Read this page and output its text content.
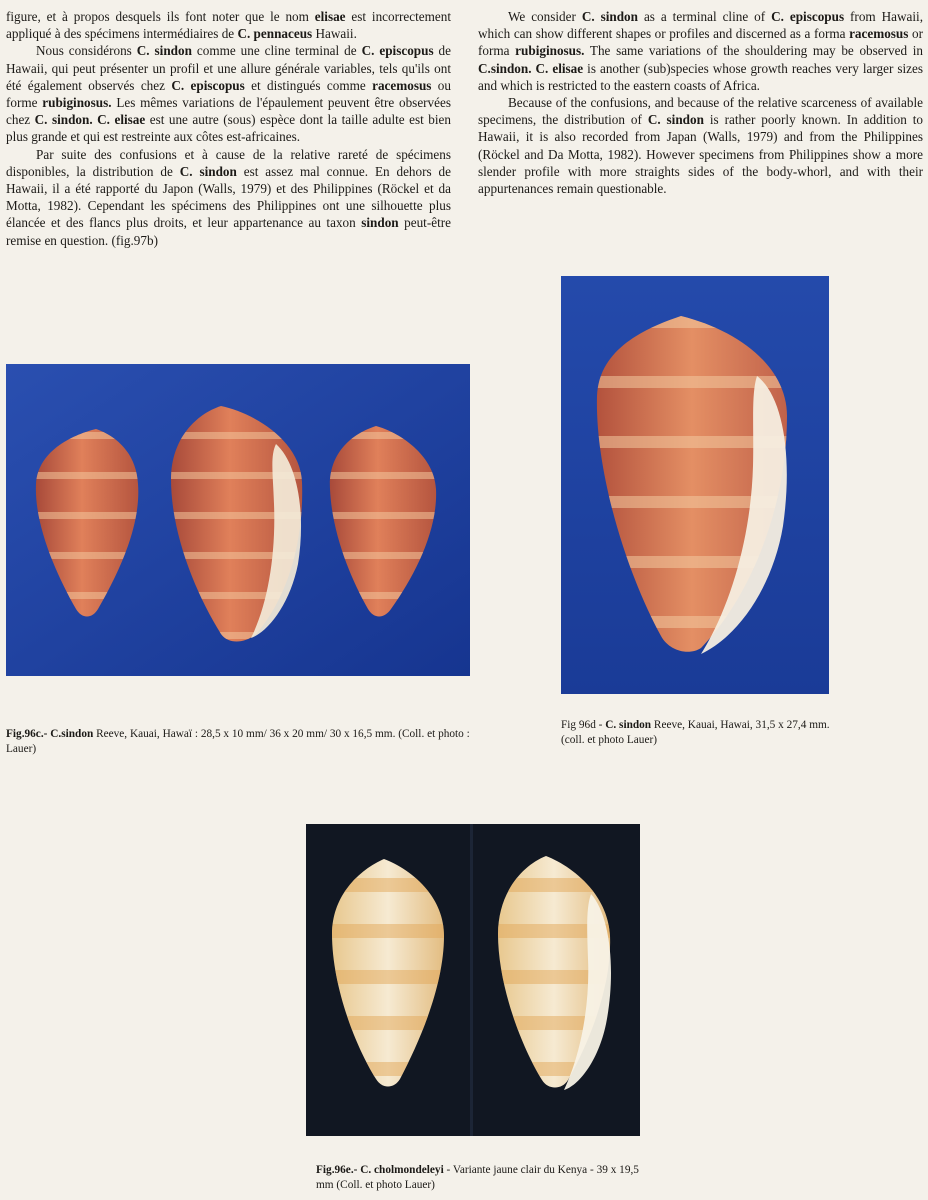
figure, et à propos desquels ils font noter que le nom elisae est incorrectement appliqué à des spécimens intermédiaires de C. pennaceus Hawaii.

Nous considérons C. sindon comme une cline terminal de C. episcopus de Hawaii, qui peut présenter un profil et une allure générale variables, tels qu'ils ont été également observés chez C. episcopus et distingués comme racemosus ou forme rubiginosus. Les mêmes variations de l'épaulement peuvent être observées chez C. sindon. C. elisae est une autre (sous) espèce dont la taille adulte est bien plus grande et qui est restreinte aux côtes est-africaines.

Par suite des confusions et à cause de la relative rareté de spécimens disponibles, la distribution de C. sindon est assez mal connue. En dehors de Hawaii, il a été rapporté du Japon (Walls, 1979) et des Philippines (Röckel et da Motta, 1982). Cependant les spécimens des Philippines ont une silhouette plus élancée et des flancs plus droits, et leur appartenance au taxon sindon peut-être remise en question. (fig.97b)

We consider C. sindon as a terminal cline of C. episcopus from Hawaii, which can show different shapes or profiles and discerned as a forma racemosus or forma rubiginosus. The same variations of the shouldering may be observed in C.sindon. C. elisae is another (sub)species whose growth reaches very larger sizes and which is restricted to the eastern coasts of Africa.

Because of the confusions, and because of the relative scarceness of available specimens, the distribution of C. sindon is rather poorly known. In addition to Hawaii, it is also recorded from Japan (Walls, 1979) and from the Philippines (Röckel and Da Motta, 1982). However specimens from Philippines show a more slender profile with more straights sides of the body-whorl, and with their appurtenances remain questionable.

Fig.96c.- C.sindon Reeve, Kauai, Hawaï : 28,5 x 10 mm/ 36 x 20 mm/ 30 x 16,5 mm. (Coll. et photo : Lauer)
Fig 96d - C. sindon Reeve, Kauai, Hawai, 31,5 x 27,4 mm. (coll. et photo Lauer)
Fig.96e.- C. cholmondeleyi - Variante jaune clair du Kenya - 39 x 19,5 mm (Coll. et photo Lauer)
